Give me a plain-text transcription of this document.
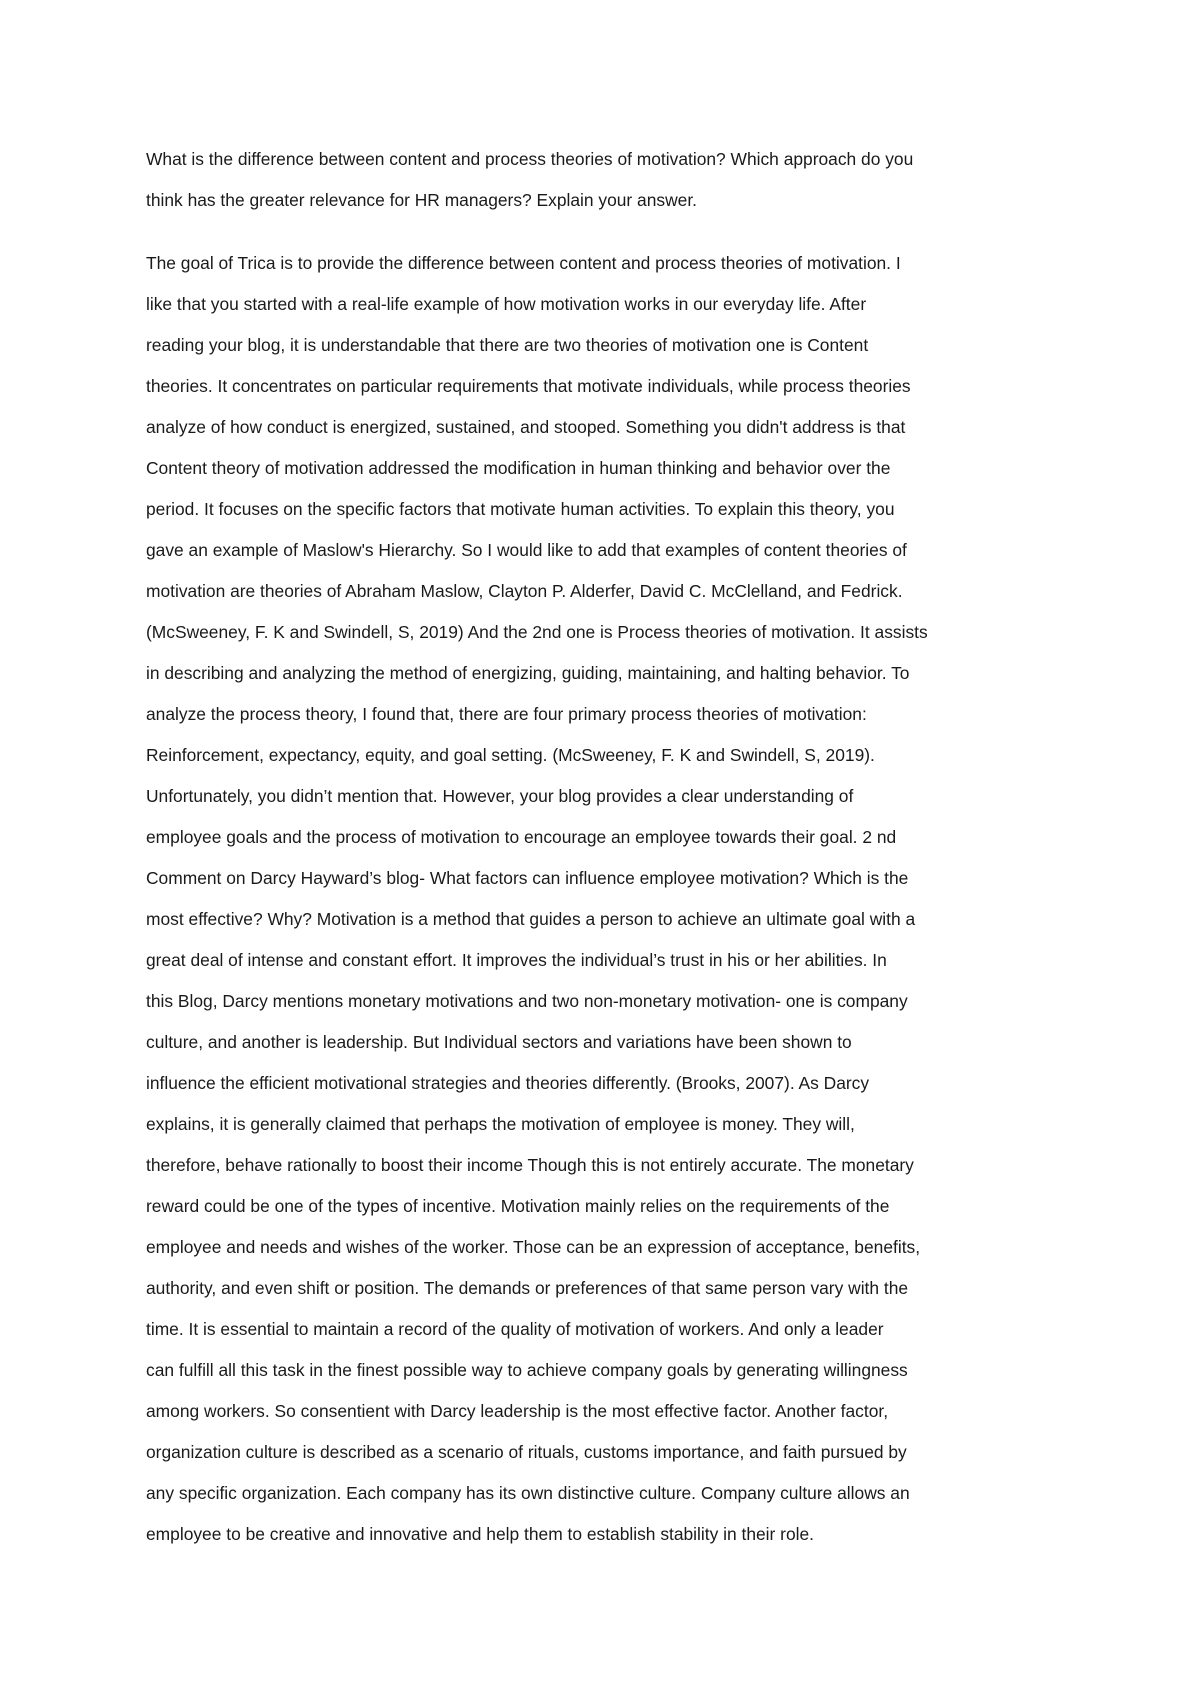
What is the difference between content and process theories of motivation? Which approach do you
think has the greater relevance for HR managers? Explain your answer.
The goal of Trica is to provide the difference between content and process theories of motivation. I
like that you started with a real-life example of how motivation works in our everyday life. After
reading your blog, it is understandable that there are two theories of motivation one is Content
theories. It concentrates on particular requirements that motivate individuals, while process theories
analyze of how conduct is energized, sustained, and stooped. Something you didn't address is that
Content theory of motivation addressed the modification in human thinking and behavior over the
period. It focuses on the specific factors that motivate human activities. To explain this theory, you
gave an example of Maslow's Hierarchy. So I would like to add that examples of content theories of
motivation are theories of Abraham Maslow, Clayton P. Alderfer, David C. McClelland, and Fedrick.
(McSweeney, F. K and Swindell, S, 2019) And the 2nd one is Process theories of motivation. It assists
in describing and analyzing the method of energizing, guiding, maintaining, and halting behavior. To
analyze the process theory, I found that, there are four primary process theories of motivation:
Reinforcement, expectancy, equity, and goal setting. (McSweeney, F. K and Swindell, S, 2019).
Unfortunately, you didn’t mention that. However, your blog provides a clear understanding of
employee goals and the process of motivation to encourage an employee towards their goal. 2 nd
Comment on Darcy Hayward’s blog- What factors can influence employee motivation? Which is the
most effective? Why? Motivation is a method that guides a person to achieve an ultimate goal with a
great deal of intense and constant effort. It improves the individual’s trust in his or her abilities. In
this Blog, Darcy mentions monetary motivations and two non-monetary motivation- one is company
culture, and another is leadership. But Individual sectors and variations have been shown to
influence the efficient motivational strategies and theories differently. (Brooks, 2007). As Darcy
explains, it is generally claimed that perhaps the motivation of employee is money. They will,
therefore, behave rationally to boost their income Though this is not entirely accurate. The monetary
reward could be one of the types of incentive. Motivation mainly relies on the requirements of the
employee and needs and wishes of the worker. Those can be an expression of acceptance, benefits,
authority, and even shift or position. The demands or preferences of that same person vary with the
time. It is essential to maintain a record of the quality of motivation of workers. And only a leader
can fulfill all this task in the finest possible way to achieve company goals by generating willingness
among workers. So consentient with Darcy leadership is the most effective factor. Another factor,
organization culture is described as a scenario of rituals, customs importance, and faith pursued by
any specific organization. Each company has its own distinctive culture. Company culture allows an
employee to be creative and innovative and help them to establish stability in their role.
